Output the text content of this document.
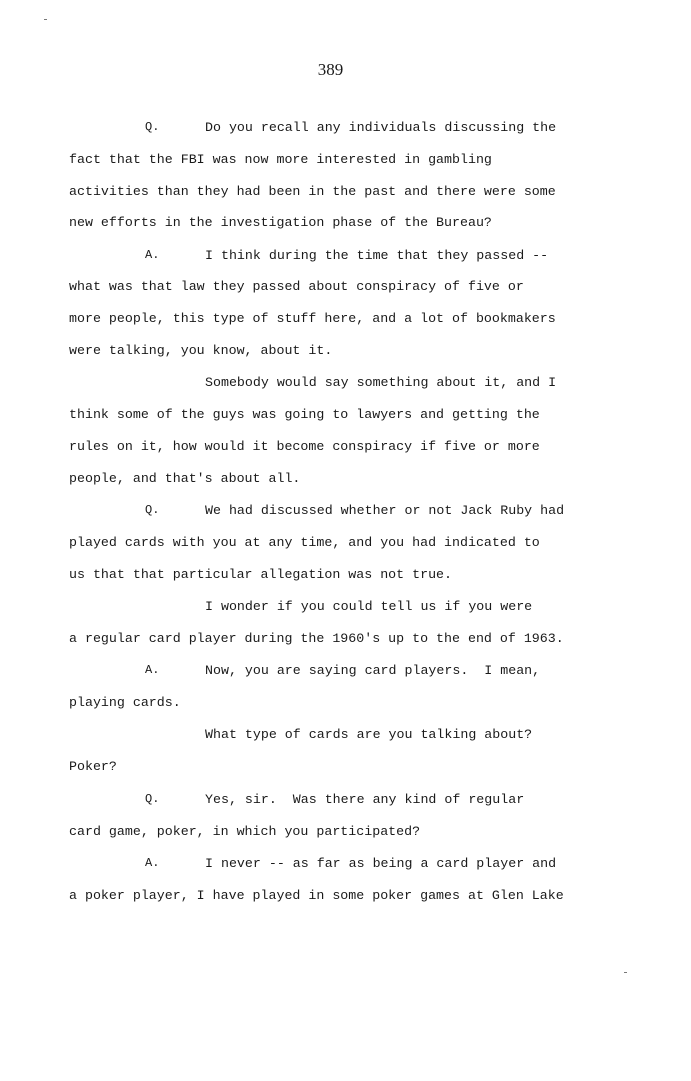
389
Q.	Do you recall any individuals discussing the
fact that the FBI was now more interested in gambling
activities than they had been in the past and there were some
new efforts in the investigation phase of the Bureau?
A.	I think during the time that they passed --
what was that law they passed about conspiracy of five or
more people, this type of stuff here, and a lot of bookmakers
were talking, you know, about it.
Somebody would say something about it, and I
think some of the guys was going to lawyers and getting the
rules on it, how would it become conspiracy if five or more
people, and that's about all.
Q.	We had discussed whether or not Jack Ruby had
played cards with you at any time, and you had indicated to
us that that particular allegation was not true.
I wonder if you could tell us if you were
a regular card player during the 1960's up to the end of 1963.
A.	Now, you are saying card players.  I mean,
playing cards.
What type of cards are you talking about?
Poker?
Q.	Yes, sir.  Was there any kind of regular
card game, poker, in which you participated?
A.	I never -- as far as being a card player and
a poker player, I have played in some poker games at Glen Lake
